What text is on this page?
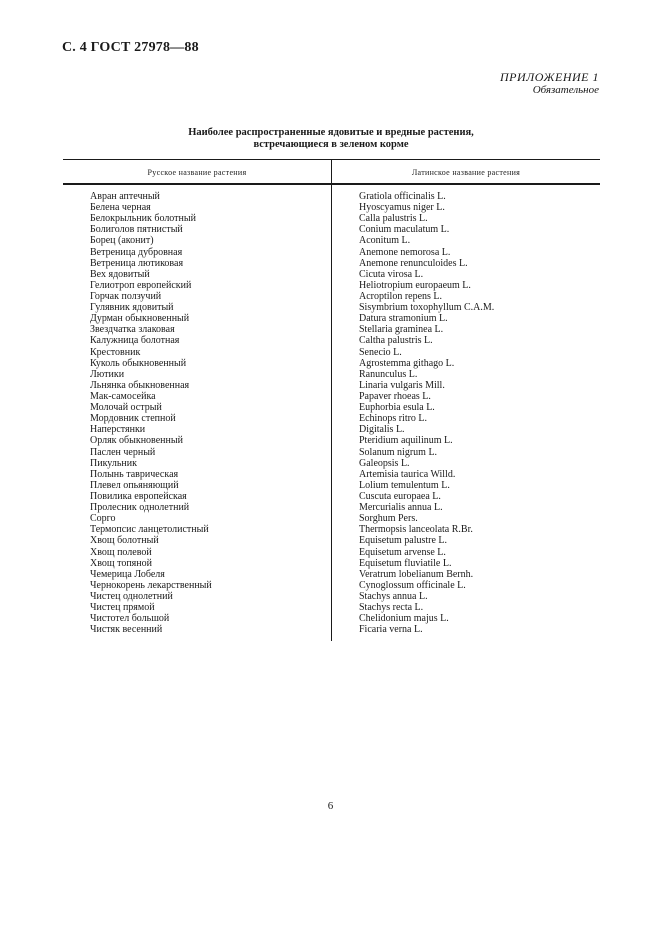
С. 4 ГОСТ 27978—88
ПРИЛОЖЕНИЕ 1
Обязательное
Наиболее распространенные ядовитые и вредные растения,
встречающиеся в зеленом корме
Русское название растения	Латинское название растения
Авран аптечный	Gratiola officinalis L.
Белена черная	Hyoscyamus niger L.
Белокрыльник болотный	Calla palustris L.
Болиголов пятнистый	Conium maculatum L.
Борец (аконит)	Aconitum L.
Ветреница дубровная	Anemone nemorosa L.
Ветреница лютиковая	Anemone renunculoides L.
Вех ядовитый	Cicuta virosa L.
Гелиотроп европейский	Heliotropium europaeum L.
Горчак ползучий	Acroptilon repens L.
Гулявник ядовитый	Sisymbrium toxophyllum C.A.M.
Дурман обыкновенный	Datura stramonium L.
Звездчатка злаковая	Stellaria graminea L.
Калужница болотная	Caltha palustris L.
Крестовник	Senecio L.
Куколь обыкновенный	Agrostemma githago L.
Лютики	Ranunculus L.
Льнянка обыкновенная	Linaria vulgaris Mill.
Мак-самосейка	Papaver rhoeas L.
Молочай острый	Euphorbia esula L.
Мордовник степной	Echinops ritro L.
Наперстянки	Digitalis L.
Орляк обыкновенный	Pteridium aquilinum L.
Паслен черный	Solanum nigrum L.
Пикульник	Galeopsis L.
Полынь таврическая	Artemisia taurica Willd.
Плевел опьяняющий	Lolium temulentum L.
Повилика европейская	Cuscuta europaea L.
Пролесник однолетний	Mercurialis annua L.
Сорго	Sorghum Pers.
Термопсис ланцетолистный	Thermopsis lanceolata R.Br.
Хвощ болотный	Equisetum palustre L.
Хвощ полевой	Equisetum arvense L.
Хвощ топяной	Equisetum fluviatile L.
Чемерица Лобеля	Veratrum lobelianum Bernh.
Чернокорень лекарственный	Cynoglossum officinale L.
Чистец однолетний	Stachys annua L.
Чистец прямой	Stachys recta L.
Чистотел большой	Chelidonium majus L.
Чистяк весенний	Ficaria verna L.
6
